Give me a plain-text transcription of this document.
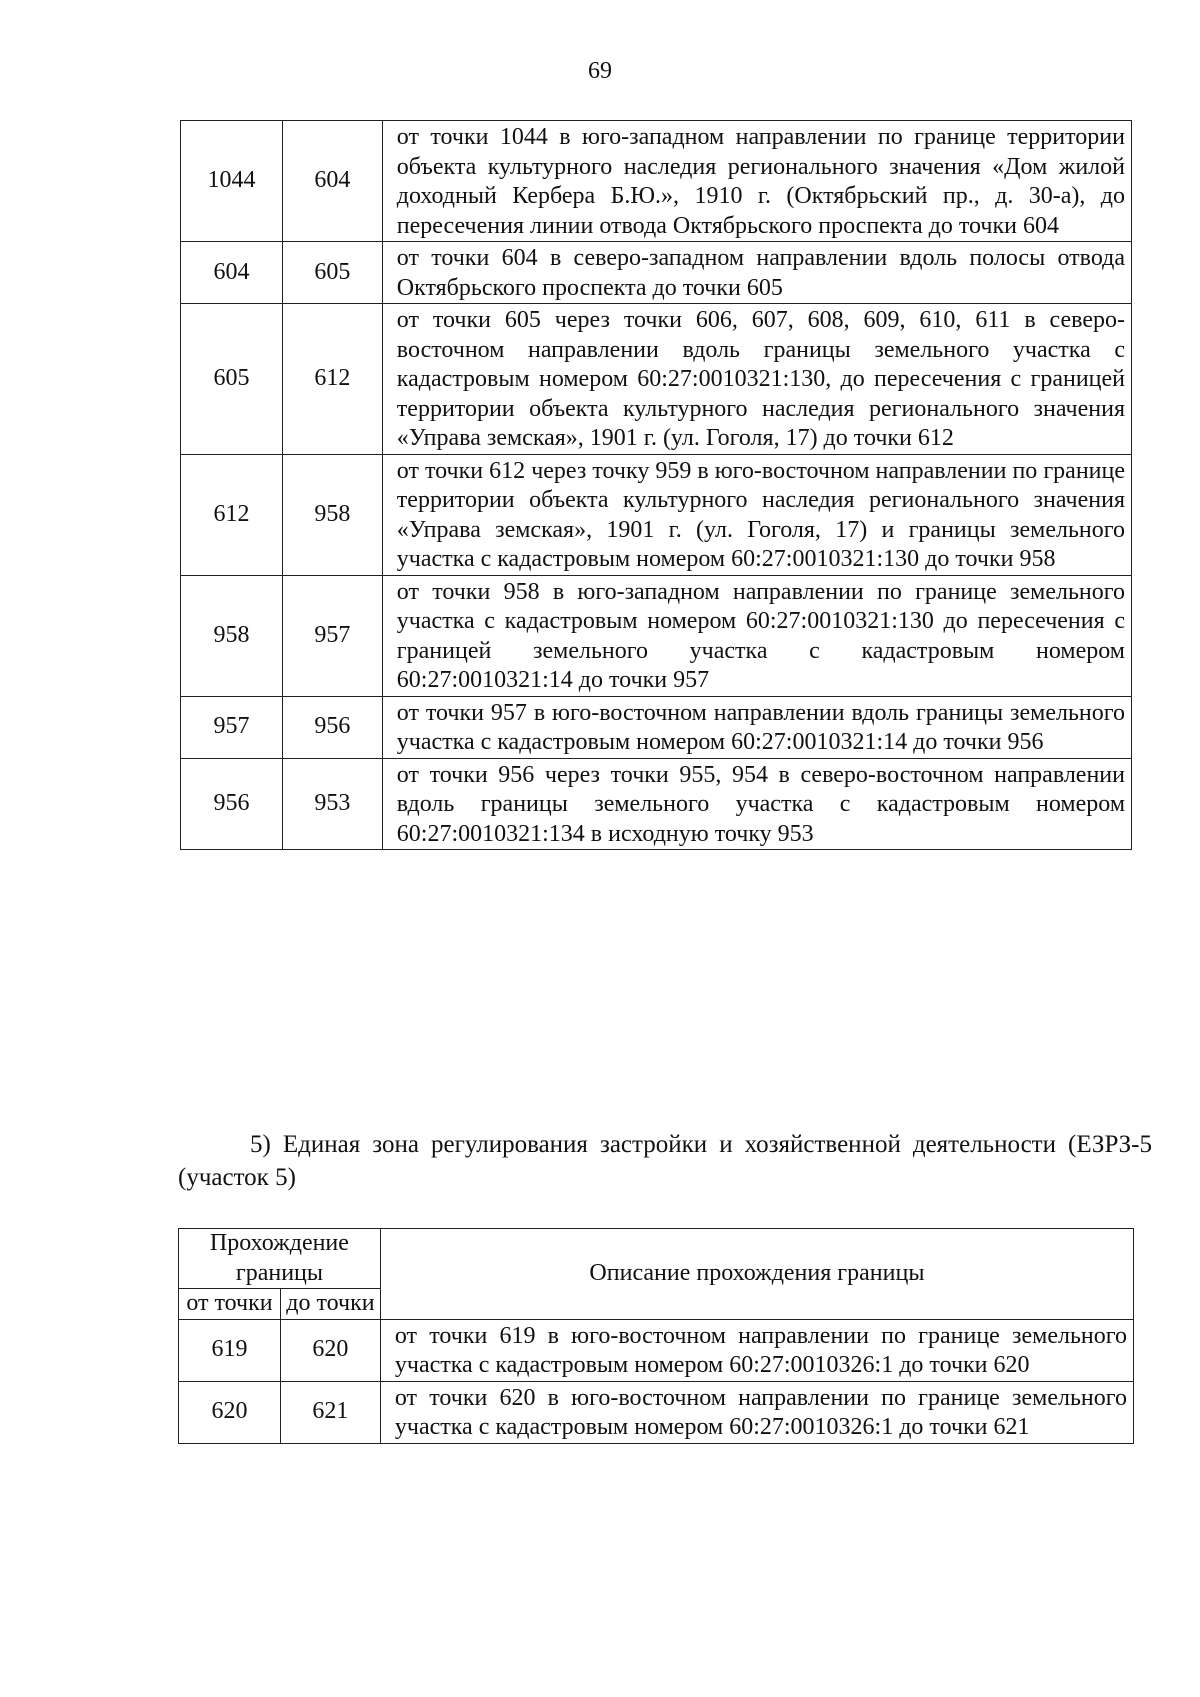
69
1044	604	от точки 1044 в юго-западном направлении по границе территории объекта культурного наследия регионального значения «Дом жилой доходный Кербера Б.Ю.», 1910 г. (Октябрьский пр., д. 30-а), до пересечения линии отвода Октябрьского проспекта до точки 604
604	605	от точки 604 в северо-западном направлении вдоль полосы отвода Октябрьского проспекта до точки 605
605	612	от точки 605 через точки 606, 607, 608, 609, 610, 611 в северо-восточном направлении вдоль границы земельного участка с кадастровым номером 60:27:0010321:130, до пересечения с границей территории объекта культурного наследия регионального значения «Управа земская», 1901 г. (ул. Гоголя, 17) до точки 612
612	958	от точки 612 через точку 959 в юго-восточном направлении по границе территории объекта культурного наследия регионального значения «Управа земская», 1901 г. (ул. Гоголя, 17) и границы земельного участка с кадастровым номером 60:27:0010321:130 до точки 958
958	957	от точки 958 в юго-западном направлении по границе земельного участка с кадастровым номером 60:27:0010321:130 до пересечения с границей земельного участка с кадастровым номером 60:27:0010321:14 до точки 957
957	956	от точки 957 в юго-восточном направлении вдоль границы земельного участка с кадастровым номером 60:27:0010321:14 до точки 956
956	953	от точки 956 через точки 955, 954 в северо-восточном направлении вдоль границы земельного участка с кадастровым номером 60:27:0010321:134 в исходную точку 953
5) Единая зона регулирования застройки и хозяйственной деятельности (ЕЗРЗ-5 (участок 5)
Прохождение границы		Описание прохождения границы
от точки	до точки	
619	620	от точки 619 в юго-восточном направлении по границе земельного участка с кадастровым номером 60:27:0010326:1 до точки 620
620	621	от точки 620 в юго-восточном направлении по границе земельного участка с кадастровым номером 60:27:0010326:1 до точки 621
